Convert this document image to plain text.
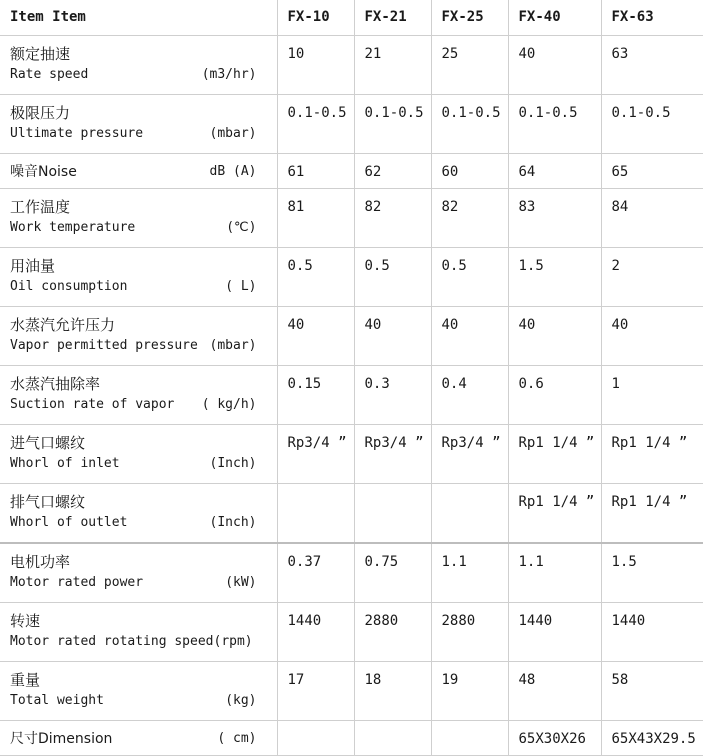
Item Item	FX-10	FX-21	FX-25	FX-40	FX-63

额定抽速
Rate speed (m3/hr)	10	21	25	40	63

极限压力
Ultimate pressure (mbar)	0.1-0.5	0.1-0.5	0.1-0.5	0.1-0.5	0.1-0.5

噪音Noise dB (A)	61	62	60	64	65

工作温度
Work temperature (℃)	81	82	82	83	84

用油量
Oil consumption ( L)	0.5	0.5	0.5	1.5	2

水蒸汽允许压力
Vapor permitted pressure (mbar)	40	40	40	40	40

水蒸汽抽除率
Suction rate of vapor ( kg/h)	0.15	0.3	0.4	0.6	1

进气口螺纹
Whorl of inlet (Inch)	Rp3/4 ”	Rp3/4 ”	Rp3/4 ”	Rp1 1/4 ”	Rp1 1/4 ”

排气口螺纹
Whorl of outlet (Inch)				Rp1 1/4 ”	Rp1 1/4 ”

电机功率
Motor rated power (kW)	0.37	0.75	1.1	1.1	1.5

转速
Motor rated rotating speed(rpm)	1440	2880	2880	1440	1440

重量
Total weight (kg)	17	18	19	48	58

尺寸Dimension ( cm)				65X30X26	65X43X29.5
